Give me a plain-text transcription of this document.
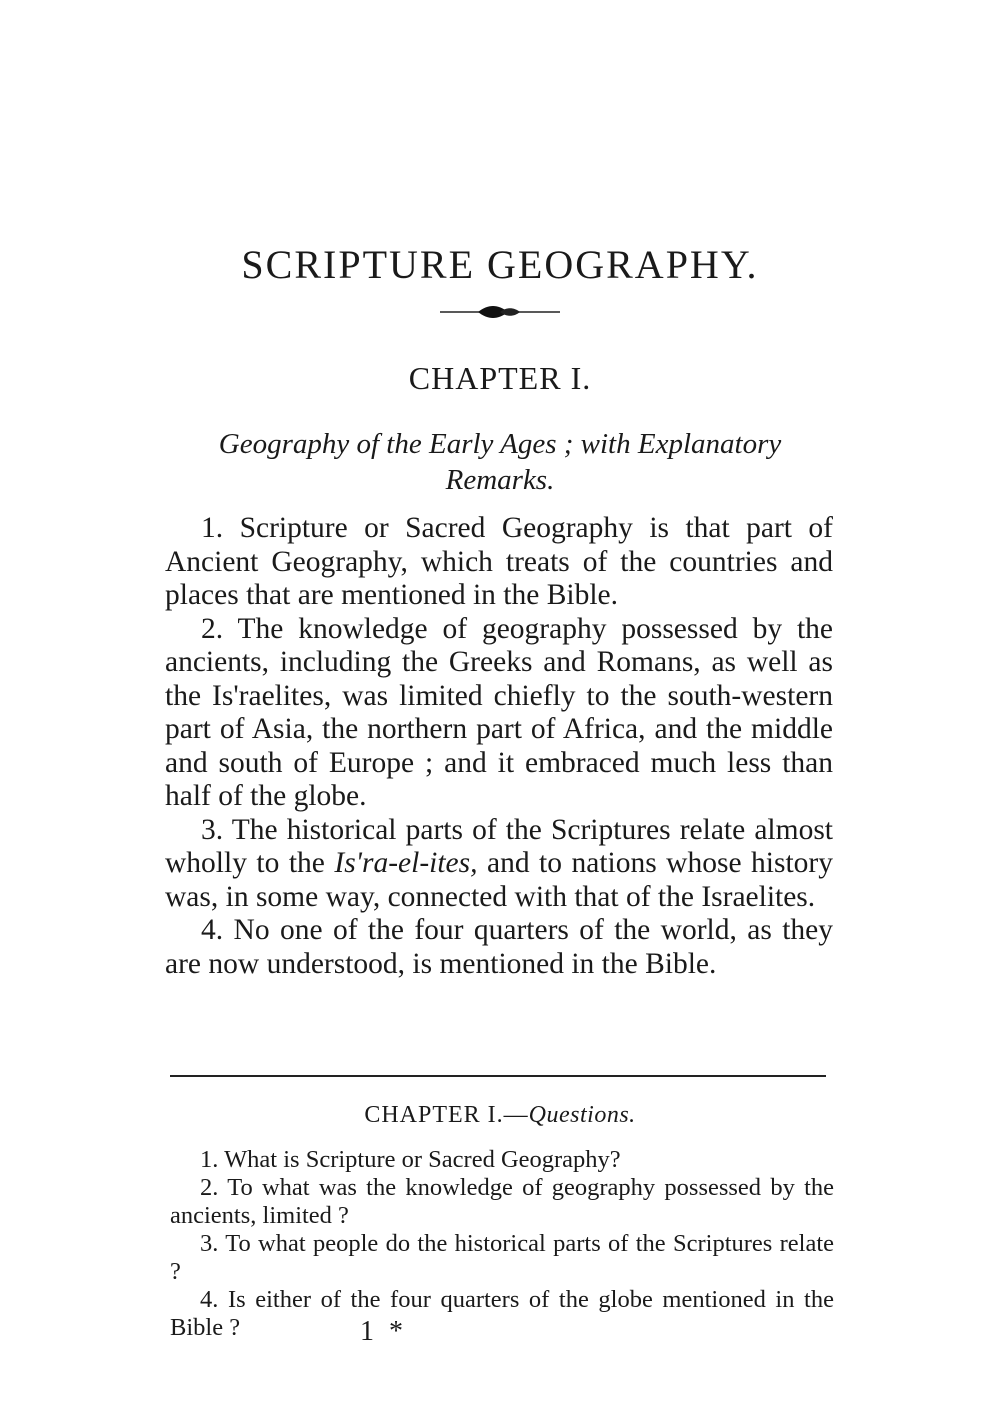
SCRIPTURE GEOGRAPHY.
CHAPTER I.
Geography of the Early Ages ; with Explanatory Remarks.

1. Scripture or Sacred Geography is that part of Ancient Geography, which treats of the countries and places that are mentioned in the Bible.

2. The knowledge of geography possessed by the ancients, including the Greeks and Romans, as well as the Is'raelites, was limited chiefly to the south-western part of Asia, the northern part of Africa, and the middle and south of Europe ; and it embraced much less than half of the globe.

3. The historical parts of the Scriptures relate almost wholly to the Is'ra-el-ites, and to nations whose history was, in some way, connected with that of the Israelites.

4. No one of the four quarters of the world, as they are now understood, is mentioned in the Bible.

CHAPTER I.—Questions.

1. What is Scripture or Sacred Geography?

2. To what was the knowledge of geography possessed by the ancients, limited ?

3. To what people do the historical parts of the Scriptures relate ?

4. Is either of the four quarters of the globe mentioned in the Bible ?	1 *
